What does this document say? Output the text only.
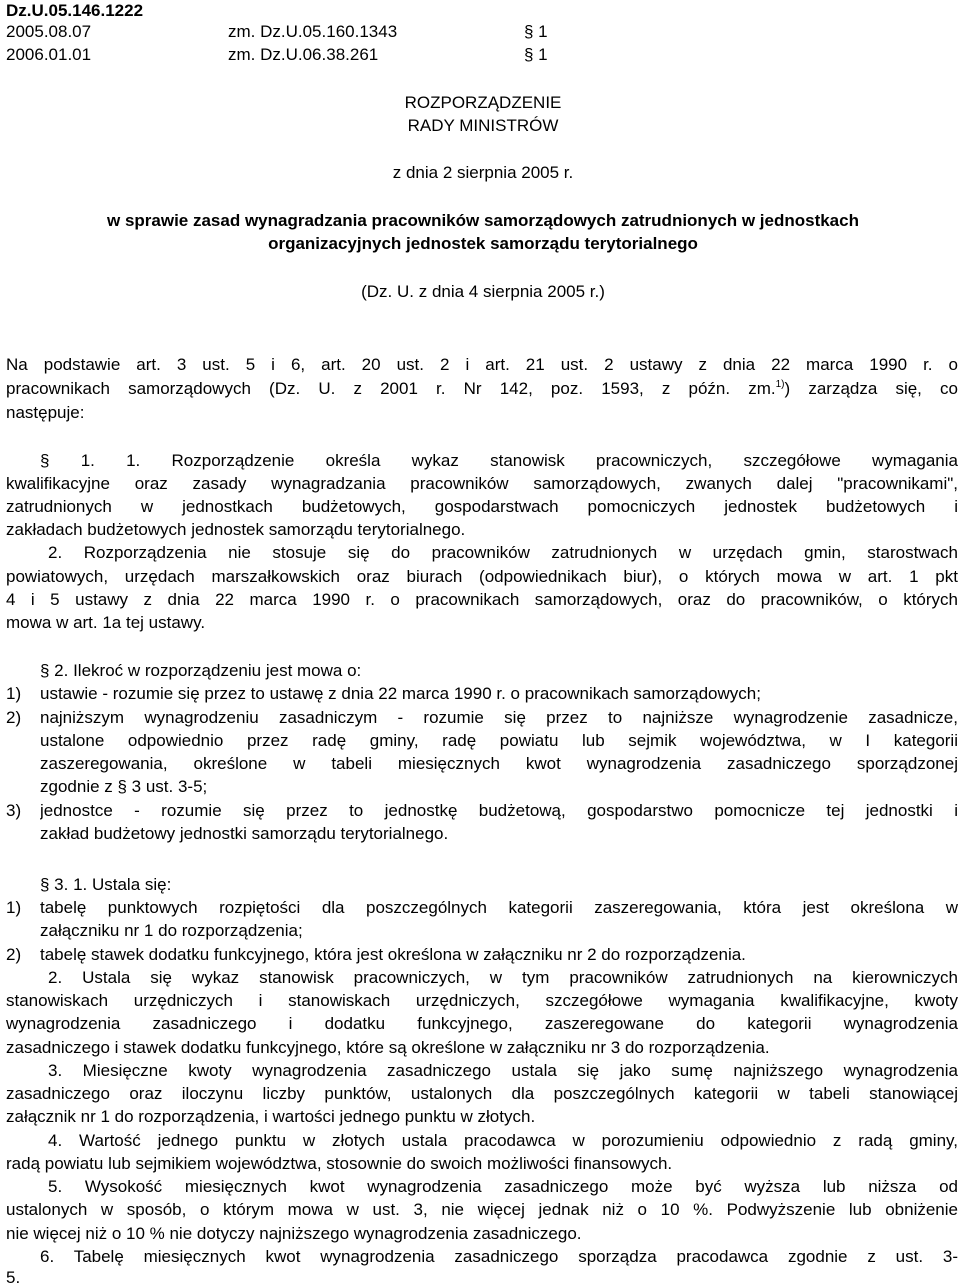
Dz.U.05.146.1222
2005.08.07	zm. Dz.U.05.160.1343	§ 1
2006.01.01	zm. Dz.U.06.38.261	§ 1
ROZPORZĄDZENIE
RADY MINISTRÓW
z dnia 2 sierpnia 2005 r.
w sprawie zasad wynagradzania pracowników samorządowych zatrudnionych w jednostkach
organizacyjnych jednostek samorządu terytorialnego
(Dz. U. z dnia 4 sierpnia 2005 r.)
Na podstawie art. 3 ust. 5 i 6, art. 20 ust. 2 i art. 21 ust. 2 ustawy z dnia 22 marca 1990 r. o
pracownikach samorządowych (Dz. U. z 2001 r. Nr 142, poz. 1593, z późn. zm.$^{1)}$) zarządza się, co
następuje:
§ 1. 1. Rozporządzenie określa wykaz stanowisk pracowniczych, szczegółowe wymagania
kwalifikacyjne oraz zasady wynagradzania pracowników samorządowych, zwanych dalej "pracownikami",
zatrudnionych w jednostkach budżetowych, gospodarstwach pomocniczych jednostek budżetowych i
zakładach budżetowych jednostek samorządu terytorialnego.
2. Rozporządzenia nie stosuje się do pracowników zatrudnionych w urzędach gmin, starostwach
powiatowych, urzędach marszałkowskich oraz biurach (odpowiednikach biur), o których mowa w art. 1 pkt
4 i 5 ustawy z dnia 22 marca 1990 r. o pracownikach samorządowych, oraz do pracowników, o których
mowa w art. 1a tej ustawy.
§ 2. Ilekroć w rozporządzeniu jest mowa o:
1) ustawie - rozumie się przez to ustawę z dnia 22 marca 1990 r. o pracownikach samorządowych;
2) najniższym wynagrodzeniu zasadniczym - rozumie się przez to najniższe wynagrodzenie zasadnicze,
ustalone odpowiednio przez radę gminy, radę powiatu lub sejmik województwa, w I kategorii
zaszeregowania, określone w tabeli miesięcznych kwot wynagrodzenia zasadniczego sporządzonej
zgodnie z § 3 ust. 3-5;
3) jednostce - rozumie się przez to jednostkę budżetową, gospodarstwo pomocnicze tej jednostki i
zakład budżetowy jednostki samorządu terytorialnego.
§ 3. 1. Ustala się:
1) tabelę punktowych rozpiętości dla poszczególnych kategorii zaszeregowania, która jest określona w
załączniku nr 1 do rozporządzenia;
2) tabelę stawek dodatku funkcyjnego, która jest określona w załączniku nr 2 do rozporządzenia.
2. Ustala się wykaz stanowisk pracowniczych, w tym pracowników zatrudnionych na kierowniczych
stanowiskach urzędniczych i stanowiskach urzędniczych, szczegółowe wymagania kwalifikacyjne, kwoty
wynagrodzenia zasadniczego i dodatku funkcyjnego, zaszeregowane do kategorii wynagrodzenia
zasadniczego i stawek dodatku funkcyjnego, które są określone w załączniku nr 3 do rozporządzenia.
3. Miesięczne kwoty wynagrodzenia zasadniczego ustala się jako sumę najniższego wynagrodzenia
zasadniczego oraz iloczynu liczby punktów, ustalonych dla poszczególnych kategorii w tabeli stanowiącej
załącznik nr 1 do rozporządzenia, i wartości jednego punktu w złotych.
4. Wartość jednego punktu w złotych ustala pracodawca w porozumieniu odpowiednio z radą gminy,
radą powiatu lub sejmikiem województwa, stosownie do swoich możliwości finansowych.
5. Wysokość miesięcznych kwot wynagrodzenia zasadniczego może być wyższa lub niższa od
ustalonych w sposób, o którym mowa w ust. 3, nie więcej jednak niż o 10 %. Podwyższenie lub obniżenie
nie więcej niż o 10 % nie dotyczy najniższego wynagrodzenia zasadniczego.
6. Tabelę miesięcznych kwot wynagrodzenia zasadniczego sporządza pracodawca zgodnie z ust. 3-
5.
